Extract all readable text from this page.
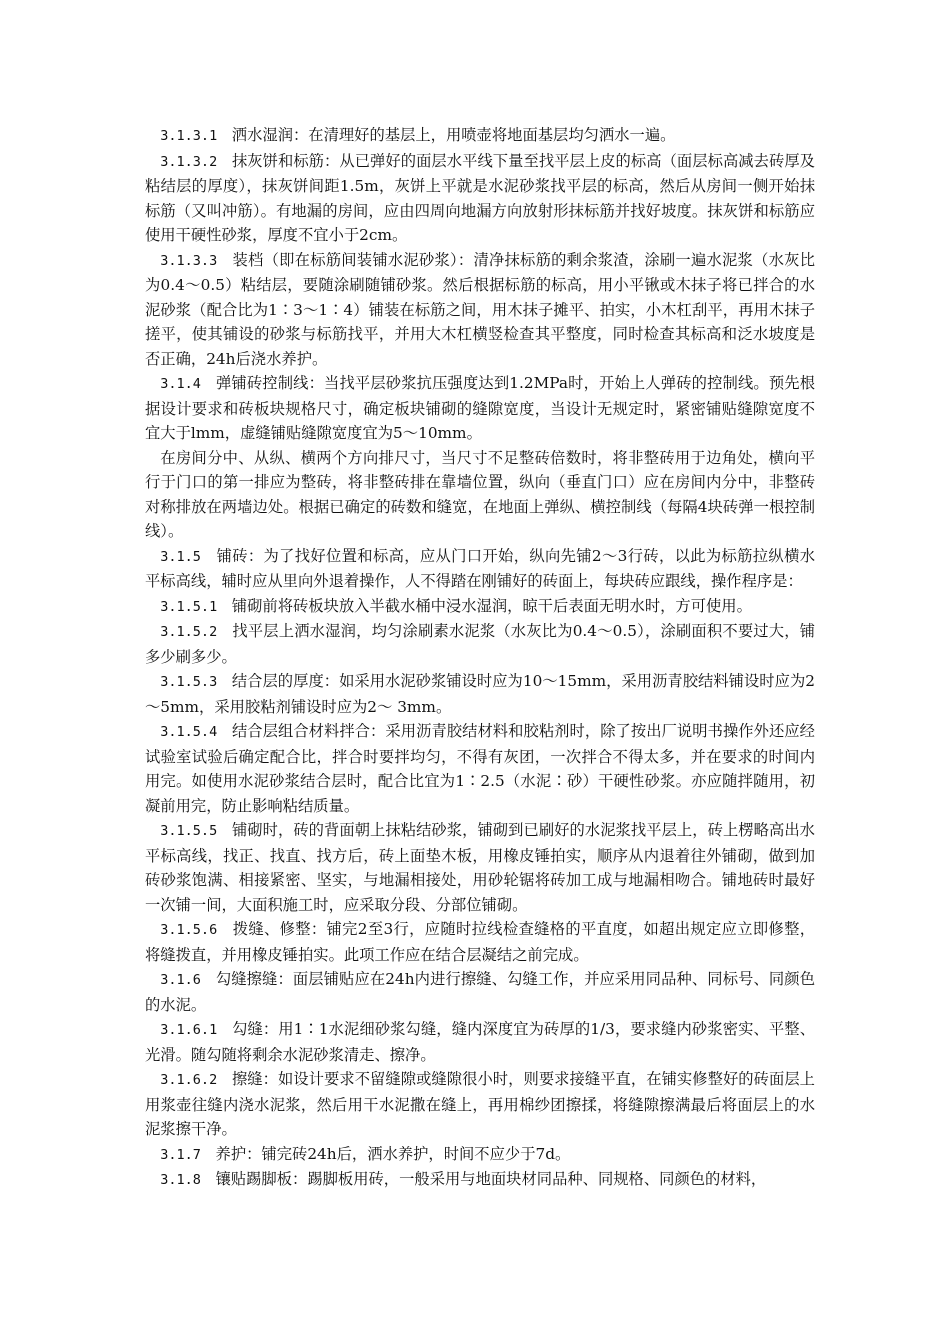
3.1.3.1 洒水湿润：在清理好的基层上，用喷壶将地面基层均匀洒水一遍。

3.1.3.2 抹灰饼和标筋：从已弹好的面层水平线下量至找平层上皮的标高（面层标高减去砖厚及粘结层的厚度），抹灰饼间距1.5m，灰饼上平就是水泥砂浆找平层的标高，然后从房间一侧开始抹标筋（又叫冲筋）。有地漏的房间，应由四周向地漏方向放射形抹标筋并找好坡度。抹灰饼和标筋应使用干硬性砂浆，厚度不宜小于2cm。

3.1.3.3 装档（即在标筋间装铺水泥砂浆）：清净抹标筋的剩余浆渣，涂刷一遍水泥浆（水灰比为0.4～0.5）粘结层，要随涂刷随铺砂浆。然后根据标筋的标高，用小平锹或木抹子将已拌合的水泥砂浆（配合比为1∶3～1∶4）铺装在标筋之间，用木抹子摊平、拍实，小木杠刮平，再用木抹子搓平，使其铺设的砂浆与标筋找平，并用大木杠横竖检查其平整度，同时检查其标高和泛水坡度是否正确，24h后浇水养护。

3.1.4 弹铺砖控制线：当找平层砂浆抗压强度达到1.2MPa时，开始上人弹砖的控制线。预先根据设计要求和砖板块规格尺寸，确定板块铺砌的缝隙宽度，当设计无规定时，紧密铺贴缝隙宽度不宜大于lmm，虚缝铺贴缝隙宽度宜为5～10mm。

在房间分中、从纵、横两个方向排尺寸，当尺寸不足整砖倍数时，将非整砖用于边角处，横向平行于门口的第一排应为整砖，将非整砖排在靠墙位置，纵向（垂直门口）应在房间内分中，非整砖对称排放在两墙边处。根据已确定的砖数和缝宽，在地面上弹纵、横控制线（每隔4块砖弹一根控制线）。

3.1.5 铺砖：为了找好位置和标高，应从门口开始，纵向先铺2～3行砖，以此为标筋拉纵横水平标高线，辅时应从里向外退着操作，人不得踏在刚铺好的砖面上，每块砖应跟线，操作程序是：

3.1.5.1 铺砌前将砖板块放入半截水桶中浸水湿润，晾干后表面无明水时，方可使用。

3.1.5.2 找平层上洒水湿润，均匀涂刷素水泥浆（水灰比为0.4～0.5），涂刷面积不要过大，铺多少刷多少。

3.1.5.3 结合层的厚度：如采用水泥砂浆铺设时应为10～15mm，采用沥青胶结料铺设时应为2～5mm，采用胶粘剂铺设时应为2～ 3mm。

3.1.5.4 结合层组合材料拌合：采用沥青胶结材料和胶粘剂时，除了按出厂说明书操作外还应经试验室试验后确定配合比，拌合时要拌均匀，不得有灰团，一次拌合不得太多，并在要求的时间内用完。如使用水泥砂浆结合层时，配合比宜为1∶2.5（水泥∶砂）干硬性砂浆。亦应随拌随用，初凝前用完，防止影响粘结质量。

3.1.5.5 铺砌时，砖的背面朝上抹粘结砂浆，铺砌到已刷好的水泥浆找平层上，砖上楞略高出水平标高线，找正、找直、找方后，砖上面垫木板，用橡皮锤拍实，顺序从内退着往外铺砌，做到加砖砂浆饱满、相接紧密、坚实，与地漏相接处，用砂轮锯将砖加工成与地漏相吻合。铺地砖时最好一次铺一间，大面积施工时，应采取分段、分部位铺砌。

3.1.5.6 拨缝、修整：铺完2至3行，应随时拉线检查缝格的平直度，如超出规定应立即修整，将缝拨直，并用橡皮锤拍实。此项工作应在结合层凝结之前完成。

3.1.6 勾缝擦缝：面层铺贴应在24h内进行擦缝、勾缝工作，并应采用同品种、同标号、同颜色的水泥。

3.1.6.1 勾缝：用1∶1水泥细砂浆勾缝，缝内深度宜为砖厚的1/3，要求缝内砂浆密实、平整、光滑。随勾随将剩余水泥砂浆清走、擦净。

3.1.6.2 擦缝：如设计要求不留缝隙或缝隙很小时，则要求接缝平直，在铺实修整好的砖面层上用浆壶往缝内浇水泥浆，然后用干水泥撒在缝上，再用棉纱团擦揉，将缝隙擦满最后将面层上的水泥浆擦干净。

3.1.7 养护：铺完砖24h后，洒水养护，时间不应少于7d。

3.1.8 镶贴踢脚板：踢脚板用砖，一般采用与地面块材同品种、同规格、同颜色的材料，
